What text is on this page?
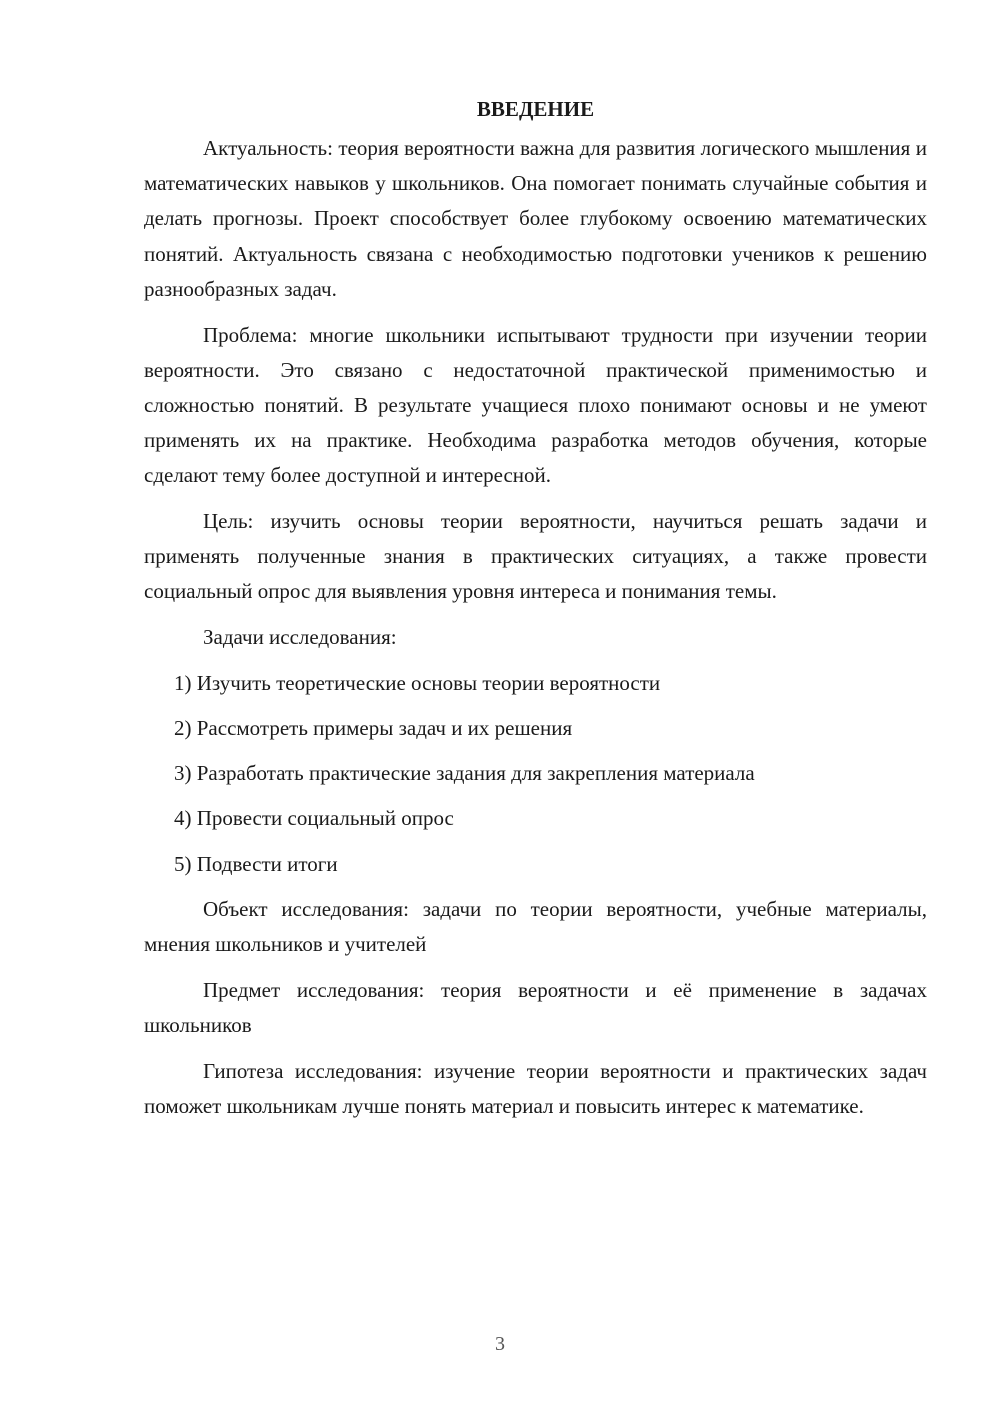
ВВЕДЕНИЕ

Актуальность: теория вероятности важна для развития логического мышления и математических навыков у школьников. Она помогает понимать случайные события и делать прогнозы. Проект способствует более глубокому освоению математических понятий. Актуальность связана с необходимостью подготовки учеников к решению разнообразных задач.

Проблема: многие школьники испытывают трудности при изучении теории вероятности. Это связано с недостаточной практической применимостью и сложностью понятий. В результате учащиеся плохо понимают основы и не умеют применять их на практике. Необходима разработка методов обучения, которые сделают тему более доступной и интересной.

Цель: изучить основы теории вероятности, научиться решать задачи и применять полученные знания в практических ситуациях, а также провести социальный опрос для выявления уровня интереса и понимания темы.

Задачи исследования:

1) Изучить теоретические основы теории вероятности
2) Рассмотреть примеры задач и их решения
3) Разработать практические задания для закрепления материала
4) Провести социальный опрос
5) Подвести итоги

Объект исследования: задачи по теории вероятности, учебные материалы, мнения школьников и учителей

Предмет исследования: теория вероятности и её применение в задачах школьников

Гипотеза исследования: изучение теории вероятности и практических задач поможет школьникам лучше понять материал и повысить интерес к математике.

3
